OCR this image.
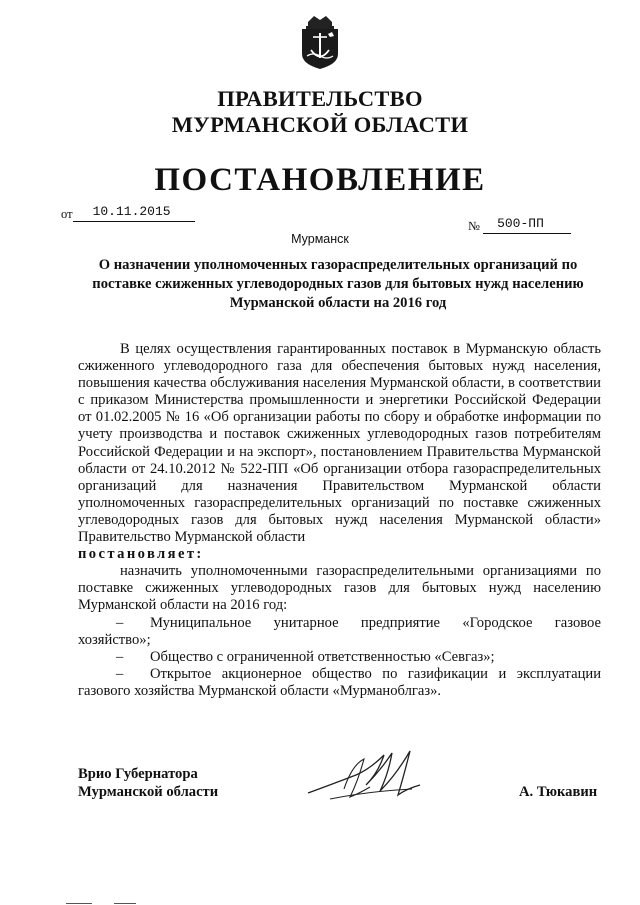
ПРАВИТЕЛЬСТВО
МУРМАНСКОЙ ОБЛАСТИ
ПОСТАНОВЛЕНИЕ
от 10.11.2015
№ 500-ПП
Мурманск

О назначении уполномоченных газораспределительных организаций по поставке сжиженных углеводородных газов для бытовых нужд населению Мурманской области на 2016 год

В целях осуществления гарантированных поставок в Мурманскую область сжиженного углеводородного газа для обеспечения бытовых нужд населения, повышения качества обслуживания населения Мурманской области, в соответствии с приказом Министерства промышленности и энергетики Российской Федерации от 01.02.2005 № 16 «Об организации работы по сбору и обработке информации по учету производства и поставок сжиженных углеводородных газов потребителям Российской Федерации и на экспорт», постановлением Правительства Мурманской области от 24.10.2012 № 522-ПП «Об организации отбора газораспределительных организаций для назначения Правительством Мурманской области уполномоченных газораспределительных организаций по поставке сжиженных углеводородных газов для бытовых нужд населения Мурманской области» Правительство Мурманской области
постановляет:

назначить уполномоченными газораспределительными организациями по поставке сжиженных углеводородных газов для бытовых нужд населению Мурманской области на 2016 год:

– Муниципальное унитарное предприятие «Городское газовое хозяйство»;

– Общество с ограниченной ответственностью «Севгаз»;

– Открытое акционерное общество по газификации и эксплуатации газового хозяйства Мурманской области «Мурманоблгаз».

Врио Губернатора
Мурманской области	А. Тюкавин
